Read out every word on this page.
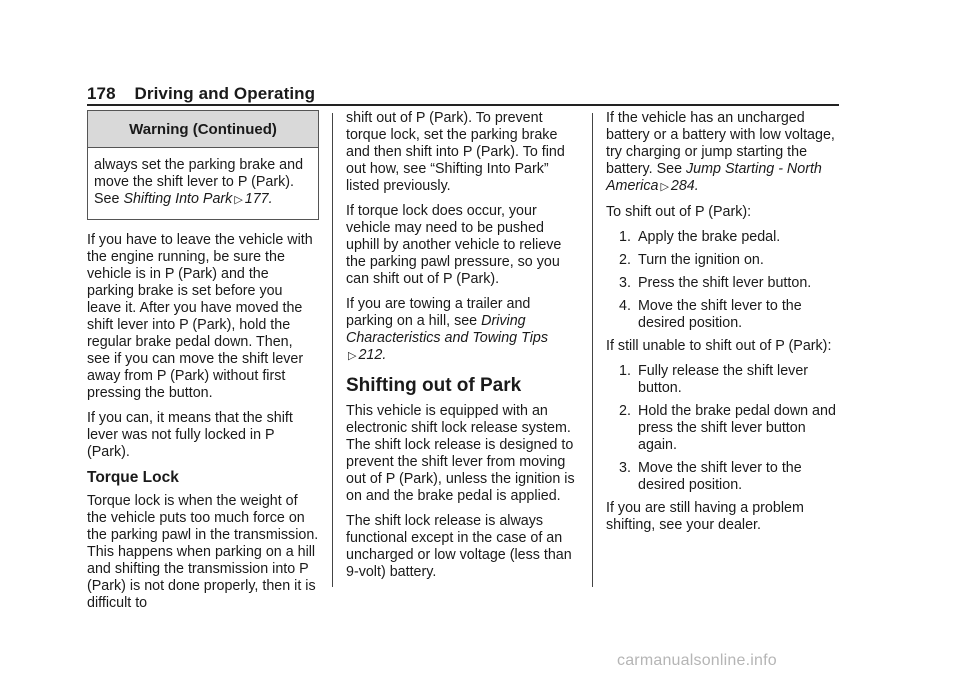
178 Driving and Operating
Warning (Continued)
always set the parking brake and move the shift lever to P (Park). See Shifting Into Park ▷ 177.

If you have to leave the vehicle with the engine running, be sure the vehicle is in P (Park) and the parking brake is set before you leave it. After you have moved the shift lever into P (Park), hold the regular brake pedal down. Then, see if you can move the shift lever away from P (Park) without first pressing the button.

If you can, it means that the shift lever was not fully locked in P (Park).

Torque Lock

Torque lock is when the weight of the vehicle puts too much force on the parking pawl in the transmission. This happens when parking on a hill and shifting the transmission into P (Park) is not done properly, then it is difficult to

shift out of P (Park). To prevent torque lock, set the parking brake and then shift into P (Park). To find out how, see “Shifting Into Park” listed previously.

If torque lock does occur, your vehicle may need to be pushed uphill by another vehicle to relieve the parking pawl pressure, so you can shift out of P (Park).

If you are towing a trailer and parking on a hill, see Driving Characteristics and Towing Tips
▷ 212.

Shifting out of Park

This vehicle is equipped with an electronic shift lock release system. The shift lock release is designed to prevent the shift lever from moving out of P (Park), unless the ignition is on and the brake pedal is applied.

The shift lock release is always functional except in the case of an uncharged or low voltage (less than 9-volt) battery.

If the vehicle has an uncharged battery or a battery with low voltage, try charging or jump starting the battery. See Jump Starting - North America ▷ 284.

To shift out of P (Park):

1. Apply the brake pedal.
2. Turn the ignition on.
3. Press the shift lever button.
4. Move the shift lever to the desired position.

If still unable to shift out of P (Park):

1. Fully release the shift lever button.
2. Hold the brake pedal down and press the shift lever button again.
3. Move the shift lever to the desired position.

If you are still having a problem shifting, see your dealer.

carmanualsonline.info
